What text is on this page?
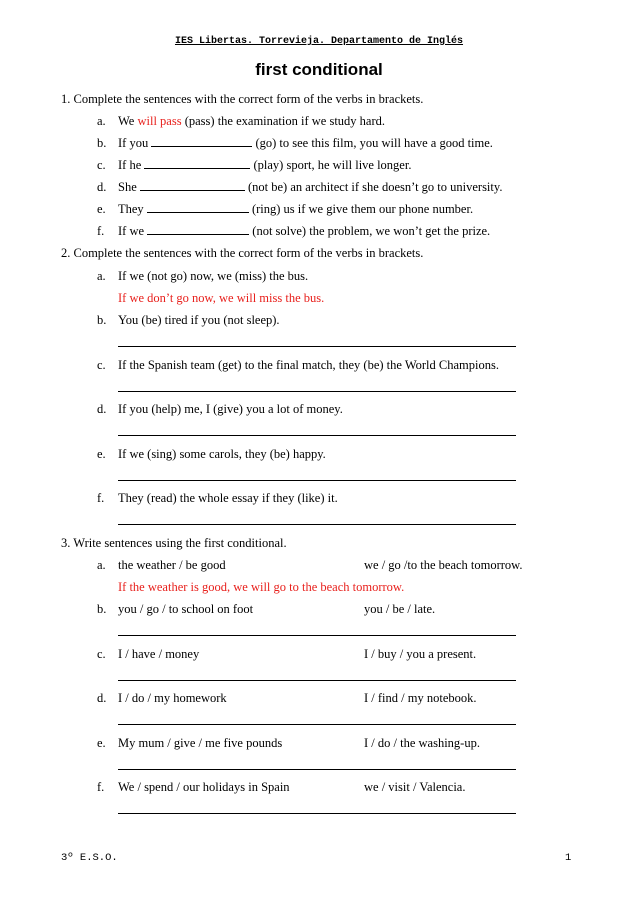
IES Libertas. Torrevieja. Departamento de Inglés
first conditional
1. Complete the sentences with the correct form of the verbs in brackets.
a. We will pass (pass) the examination if we study hard.
b. If you	(go) to see this film, you will have a good time.
c. If he	(play) sport, he will live longer.
d. She	(not be) an architect if she doesn’t go to university.
e. They	(ring) us if we give them our phone number.
f. If we	(not solve) the problem, we won’t get the prize.
2. Complete the sentences with the correct form of the verbs in brackets.
a. If we (not go) now, we (miss) the bus.
If we don’t go now, we will miss the bus.
b. You (be) tired if you (not sleep).
c. If the Spanish team (get) to the final match, they (be) the World Champions.
d. If you (help) me, I (give) you a lot of money.
e. If we (sing) some carols, they (be) happy.
f. They (read) the whole essay if they (like) it.
3. Write sentences using the first conditional.
a. the weather / be good	we / go /to the beach tomorrow.
If the weather is good, we will go to the beach tomorrow.
b. you / go / to school on foot	you / be / late.
c. I / have / money	I / buy / you a present.
d. I / do / my homework	I / find / my notebook.
e. My mum / give / me five pounds	I / do / the washing-up.
f. We / spend / our holidays in Spain	we / visit / Valencia.
3º E.S.O.	1
